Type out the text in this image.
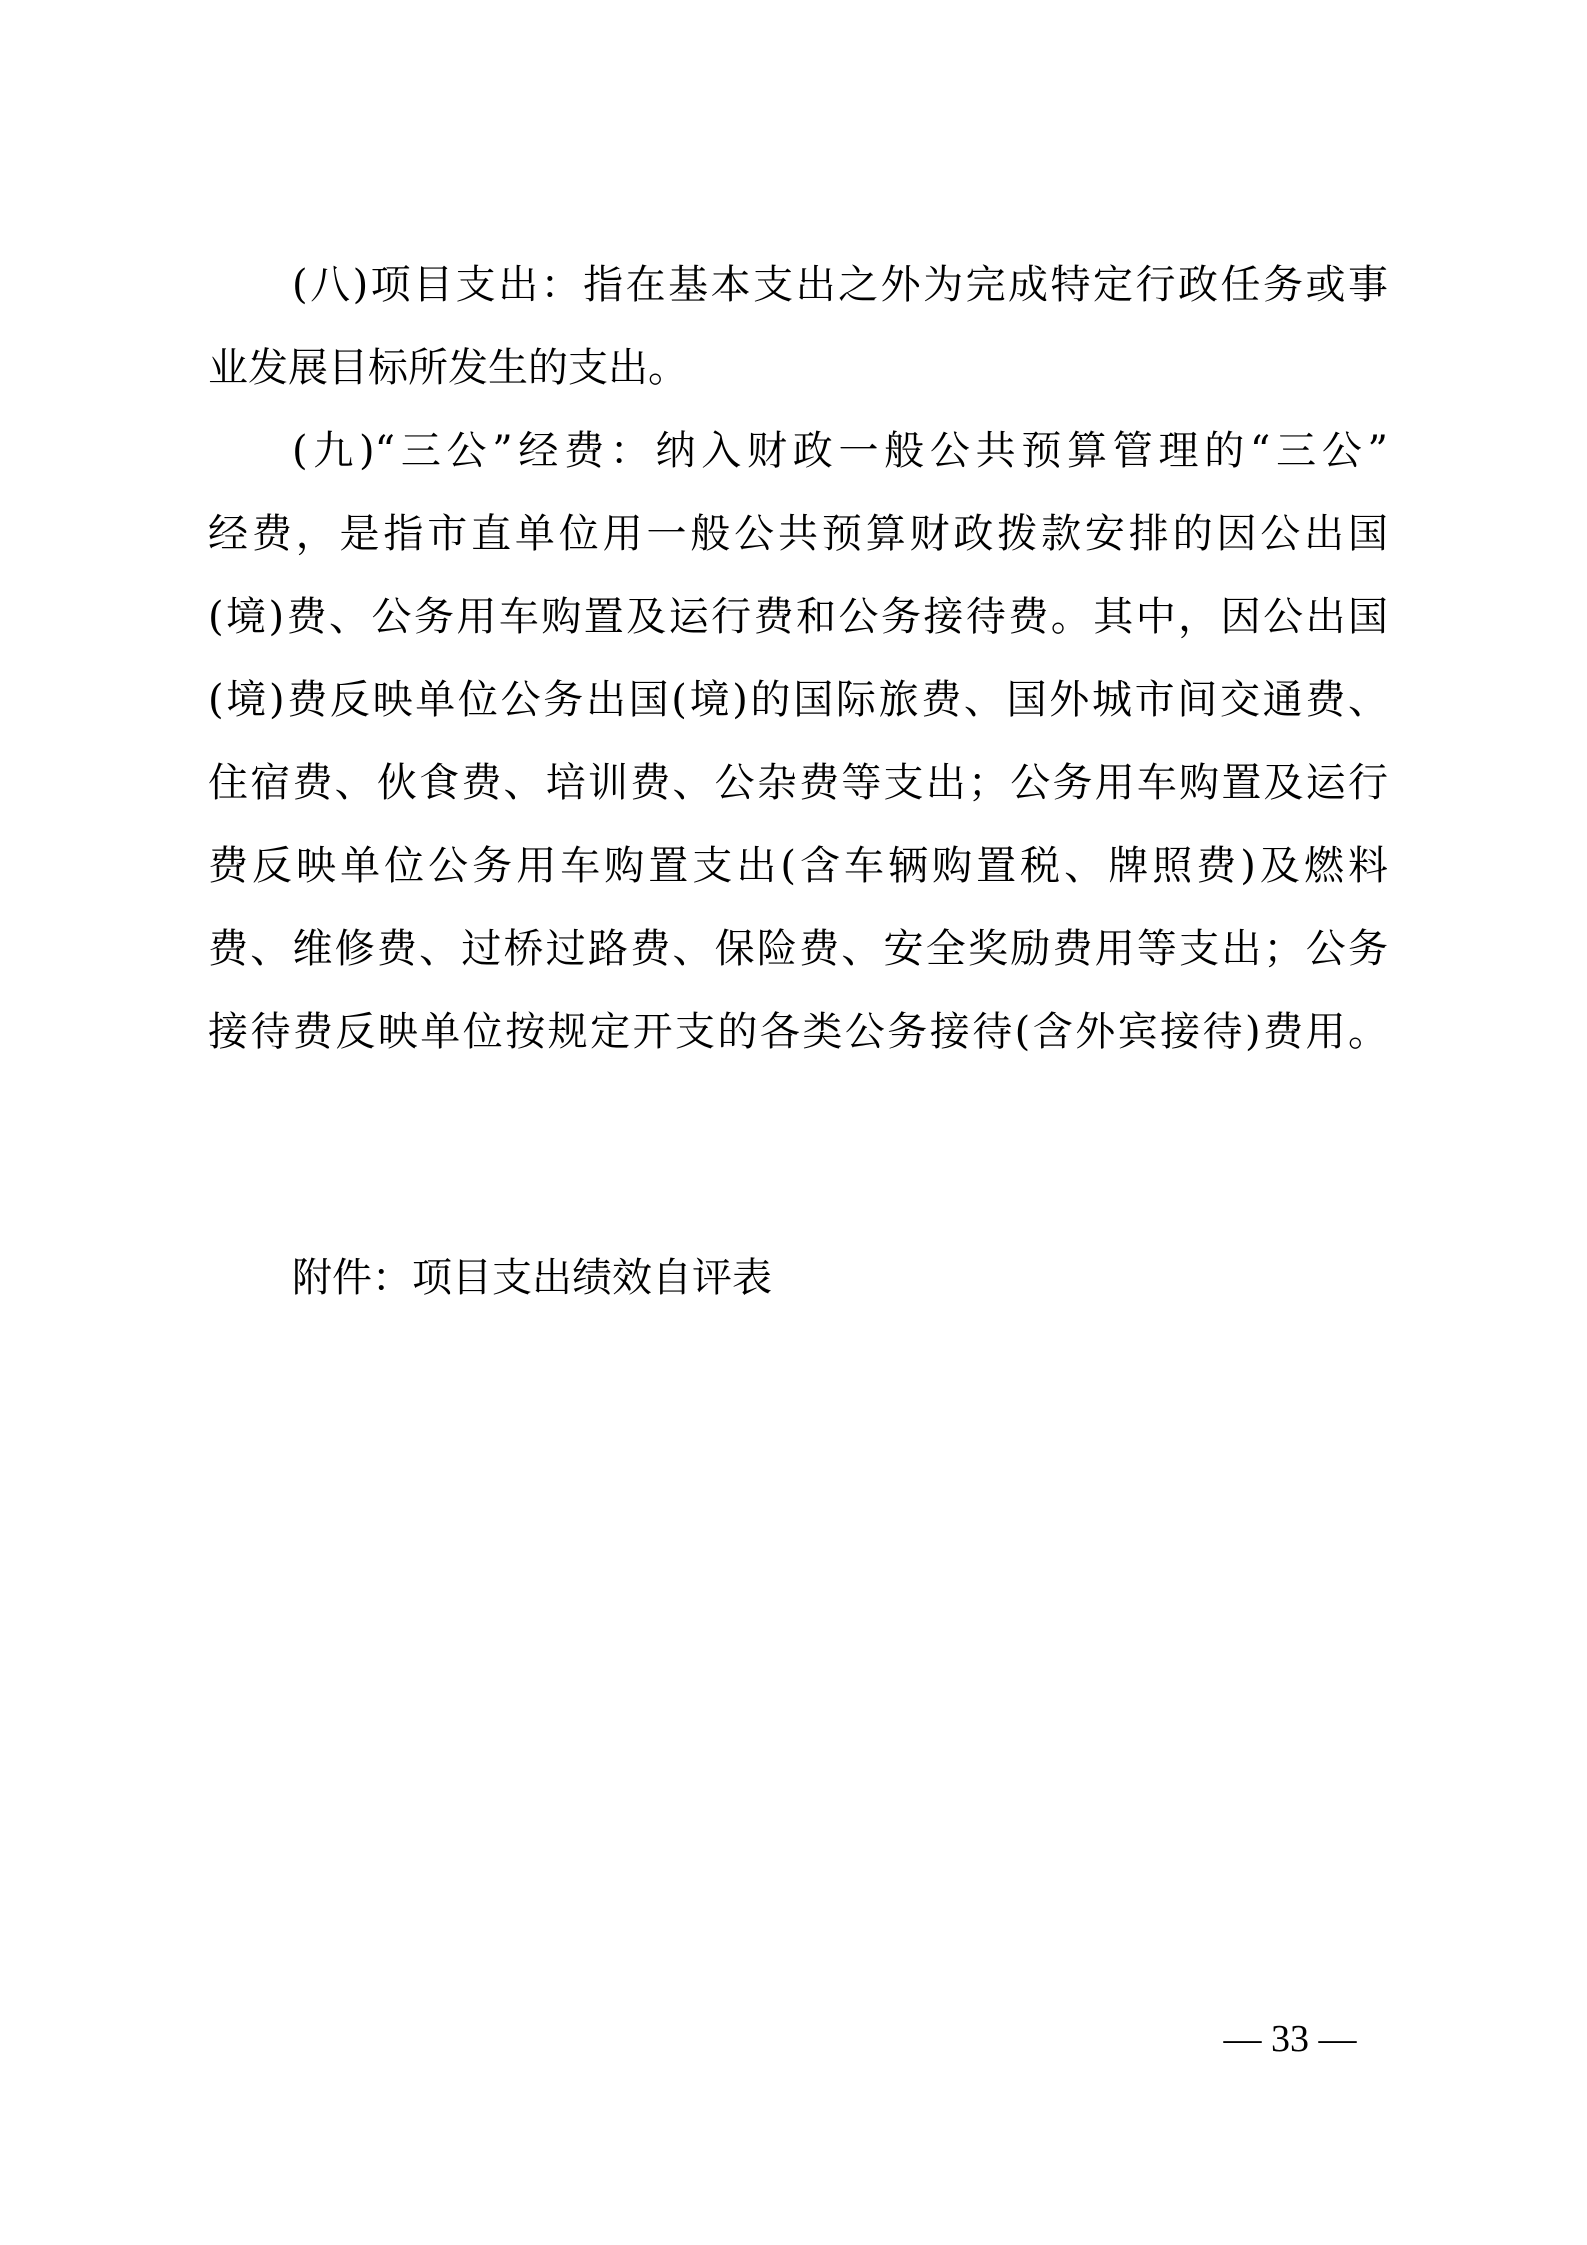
(八)项目支出：指在基本支出之外为完成特定行政任务或事
业发展目标所发生的支出。
(九)“三公”经费：纳入财政一般公共预算管理的“三公”
经费，是指市直单位用一般公共预算财政拨款安排的因公出国
(境)费、公务用车购置及运行费和公务接待费。其中，因公出国
(境)费反映单位公务出国(境)的国际旅费、国外城市间交通费、
住宿费、伙食费、培训费、公杂费等支出；公务用车购置及运行
费反映单位公务用车购置支出(含车辆购置税、牌照费)及燃料
费、维修费、过桥过路费、保险费、安全奖励费用等支出；公务
接待费反映单位按规定开支的各类公务接待(含外宾接待)费用。
附件：项目支出绩效自评表
— 33 —
